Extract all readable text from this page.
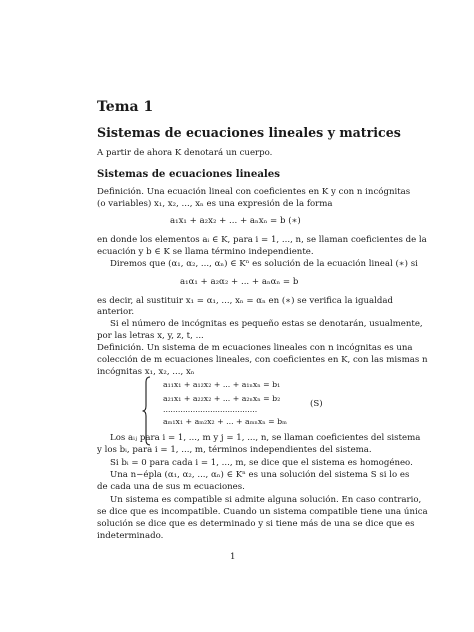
Tema 1
Sistemas de ecuaciones lineales y matrices
A partir de ahora K denotará un cuerpo.
Sistemas de ecuaciones lineales
Definición. Una ecuación lineal con coeficientes en K y con n incógnitas
(o variables) x₁, x₂, ..., xₙ es una expresión de la forma
a₁x₁ + a₂x₂ + ... + aₙxₙ = b (∗)
en donde los elementos aᵢ ∈ K, para i = 1, ..., n, se llaman coeficientes de la
ecuación y b ∈ K se llama término independiente.
Diremos que (α₁, α₂, ..., αₙ) ∈ Kⁿ es solución de la ecuación lineal (∗) si
a₁α₁ + a₂α₂ + ... + aₙαₙ = b
es decir, al sustituir x₁ = α₁, ..., xₙ = αₙ en (∗) se verifica la igualdad
anterior.
Si el número de incógnitas es pequeño estas se denotarán, usualmente,
por las letras x, y, z, t, ...
Definición. Un sistema de m ecuaciones lineales con n incógnitas es una
colección de m ecuaciones lineales, con coeficientes en K, con las mismas n
incógnitas x₁, x₂, ..., xₙ
a₁₁x₁ + a₁₂x₂ + ... + a₁ₙxₙ = b₁
a₂₁x₁ + a₂₂x₂ + ... + a₂ₙxₙ = b₂
......................................
aₘ₁x₁ + aₘ₂x₂ + ... + aₘₙxₙ = bₘ
(S)
Los aᵢⱼ para i = 1, ..., m y j = 1, ..., n, se llaman coeficientes del sistema
y los bᵢ, para i = 1, ..., m, términos independientes del sistema.
Si bᵢ = 0 para cada i = 1, ..., m, se dice que el sistema es homogéneo.
Una n−épla (α₁, α₂, ..., αₙ) ∈ Kⁿ es una solución del sistema S si lo es
de cada una de sus m ecuaciones.
Un sistema es compatible si admite alguna solución. En caso contrario,
se dice que es incompatible. Cuando un sistema compatible tiene una única
solución se dice que es determinado y si tiene más de una se dice que es
indeterminado.
1
